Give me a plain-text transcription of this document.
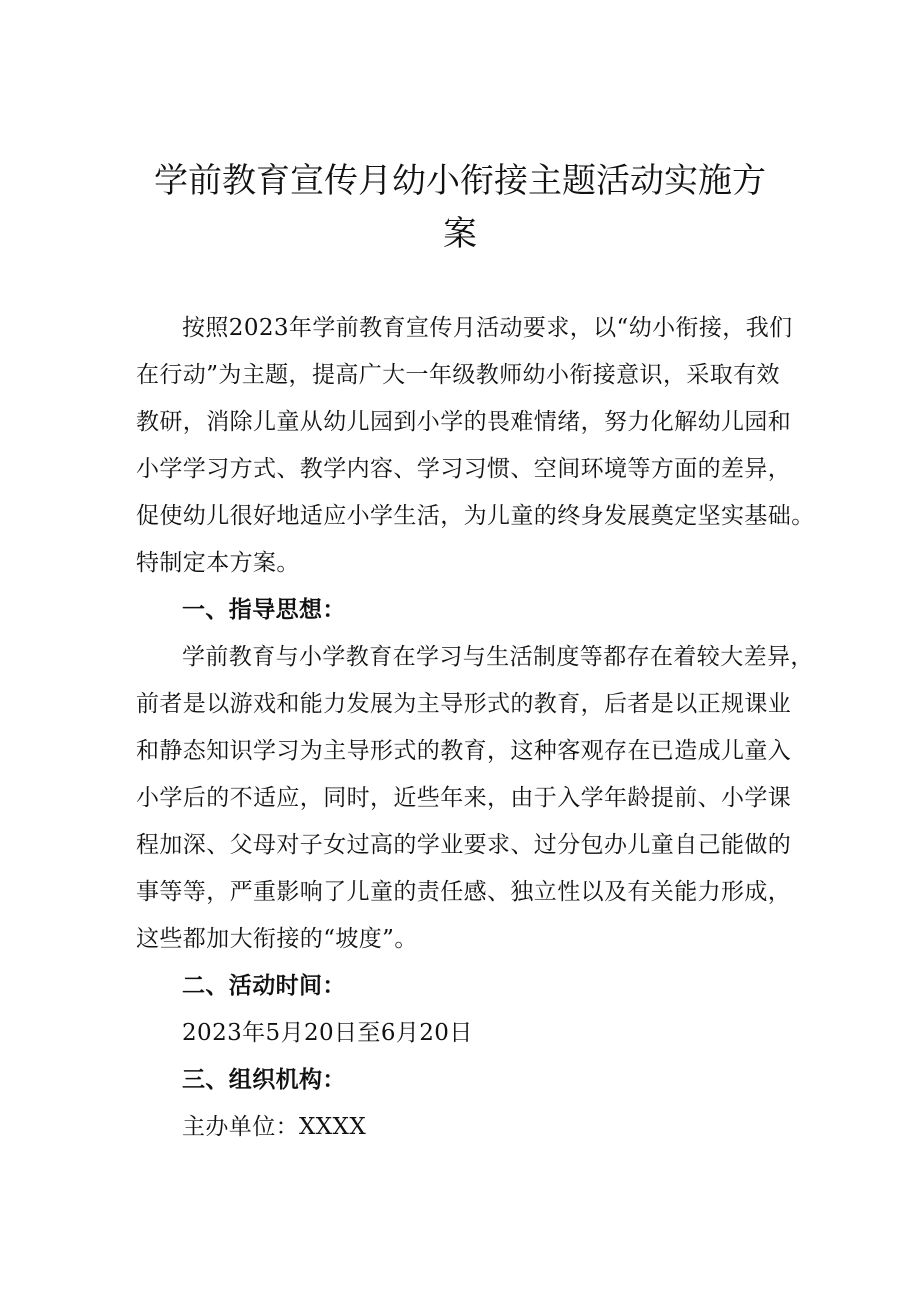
学前教育宣传月幼小衔接主题活动实施方
案
按照2023年学前教育宣传月活动要求，以“幼小衔接，我们
在行动”为主题，提高广大一年级教师幼小衔接意识，采取有效
教研，消除儿童从幼儿园到小学的畏难情绪，努力化解幼儿园和
小学学习方式、教学内容、学习习惯、空间环境等方面的差异，
促使幼儿很好地适应小学生活，为儿童的终身发展奠定坚实基础。
特制定本方案。
一、指导思想：
学前教育与小学教育在学习与生活制度等都存在着较大差异，
前者是以游戏和能力发展为主导形式的教育，后者是以正规课业
和静态知识学习为主导形式的教育，这种客观存在已造成儿童入
小学后的不适应，同时，近些年来，由于入学年龄提前、小学课
程加深、父母对子女过高的学业要求、过分包办儿童自己能做的
事等等，严重影响了儿童的责任感、独立性以及有关能力形成，
这些都加大衔接的“坡度”。
二、活动时间：
2023年5月20日至6月20日
三、组织机构：
主办单位：XXXX
